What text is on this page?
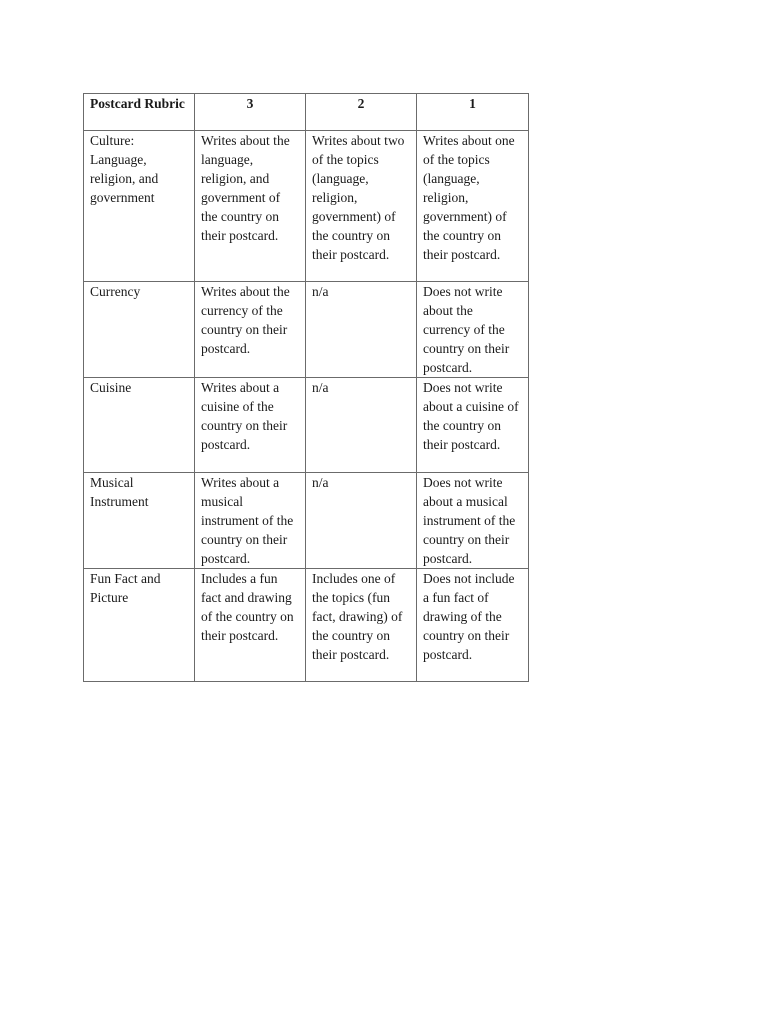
Postcard Rubric	3	2	1
Culture: Language, religion, and government	Writes about the language, religion, and government of the country on their postcard.	Writes about two of the topics (language, religion, government) of the country on their postcard.	Writes about one of the topics (language, religion, government) of the country on their postcard.
Currency	Writes about the currency of the country on their postcard.	n/a	Does not write about the currency of the country on their postcard.
Cuisine	Writes about a cuisine of the country on their postcard.	n/a	Does not write about a cuisine of the country on their postcard.
Musical Instrument	Writes about a musical instrument of the country on their postcard.	n/a	Does not write about a musical instrument of the country on their postcard.
Fun Fact and Picture	Includes a fun fact and drawing of the country on their postcard.	Includes one of the topics (fun fact, drawing) of the country on their postcard.	Does not include a fun fact of drawing of the country on their postcard.
